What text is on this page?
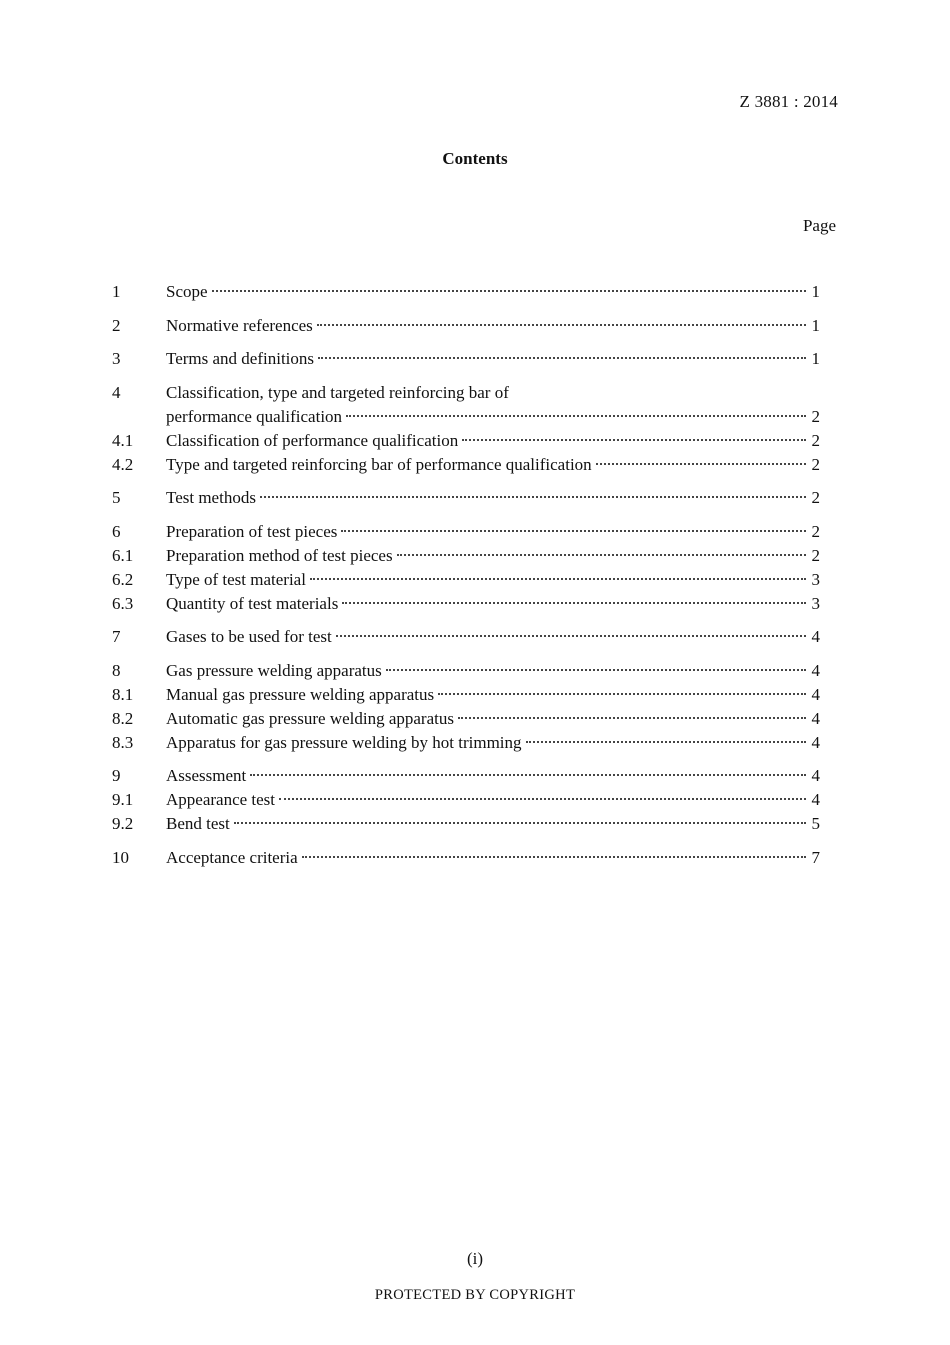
Z 3881 : 2014
Contents
Page
1	Scope	1
2	Normative references	1
3	Terms and definitions	1
4	Classification, type and targeted reinforcing bar of
performance qualification	2
4.1	Classification of performance qualification	2
4.2	Type and targeted reinforcing bar of performance qualification	2
5	Test methods	2
6	Preparation of test pieces	2
6.1	Preparation method of test pieces	2
6.2	Type of test material	3
6.3	Quantity of test materials	3
7	Gases to be used for test	4
8	Gas pressure welding apparatus	4
8.1	Manual gas pressure welding apparatus	4
8.2	Automatic gas pressure welding apparatus	4
8.3	Apparatus for gas pressure welding by hot trimming	4
9	Assessment	4
9.1	Appearance test	4
9.2	Bend test	5
10	Acceptance criteria	7
(i)
PROTECTED BY COPYRIGHT
